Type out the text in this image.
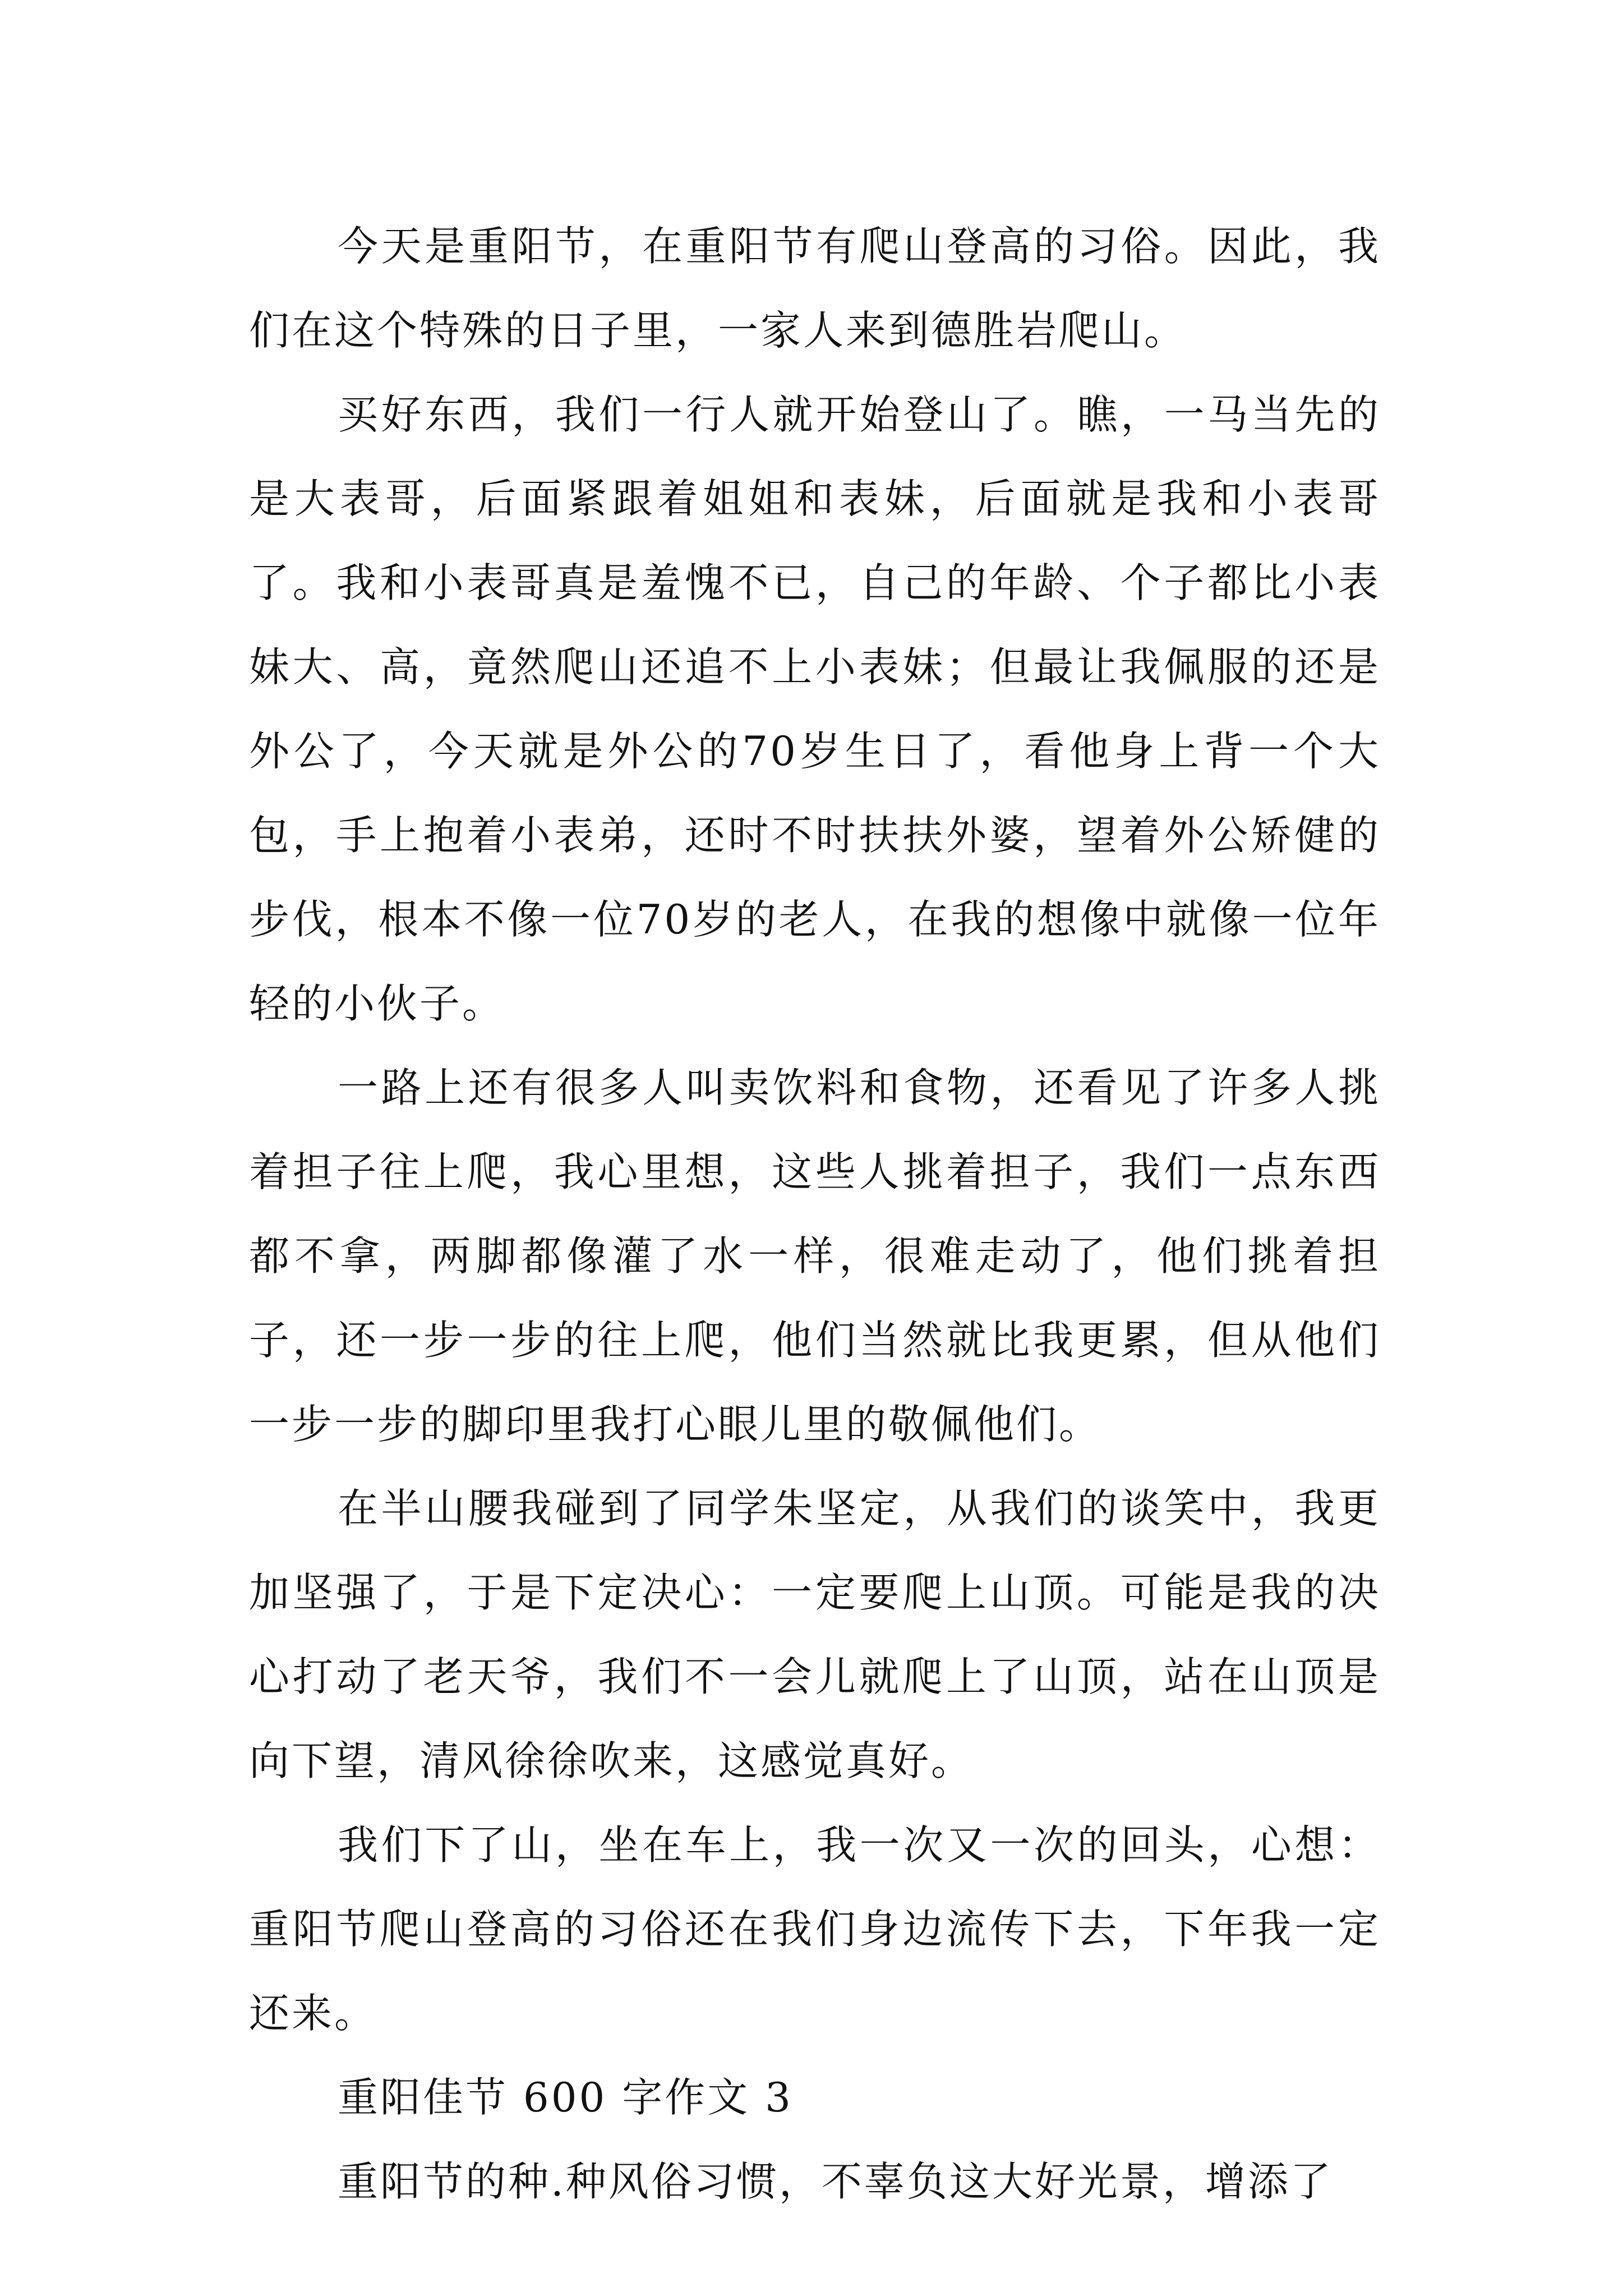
今天是重阳节，在重阳节有爬山登高的习俗。因此，我们在这个特殊的日子里，一家人来到德胜岩爬山。

买好东西，我们一行人就开始登山了。瞧，一马当先的是大表哥，后面紧跟着姐姐和表妹，后面就是我和小表哥了。我和小表哥真是羞愧不已，自己的年龄、个子都比小表妹大、高，竟然爬山还追不上小表妹；但最让我佩服的还是外公了，今天就是外公的70岁生日了，看他身上背一个大包，手上抱着小表弟，还时不时扶扶外婆，望着外公矫健的步伐，根本不像一位70岁的老人，在我的想像中就像一位年轻的小伙子。

一路上还有很多人叫卖饮料和食物，还看见了许多人挑着担子往上爬，我心里想，这些人挑着担子，我们一点东西都不拿，两脚都像灌了水一样，很难走动了，他们挑着担子，还一步一步的往上爬，他们当然就比我更累，但从他们一步一步的脚印里我打心眼儿里的敬佩他们。

在半山腰我碰到了同学朱坚定，从我们的谈笑中，我更加坚强了，于是下定决心：一定要爬上山顶。可能是我的决心打动了老天爷，我们不一会儿就爬上了山顶，站在山顶是向下望，清风徐徐吹来，这感觉真好。

我们下了山，坐在车上，我一次又一次的回头，心想：重阳节爬山登高的习俗还在我们身边流传下去，下年我一定还来。

重阳佳节 600 字作文 3

重阳节的种.种风俗习惯，不辜负这大好光景，增添了
